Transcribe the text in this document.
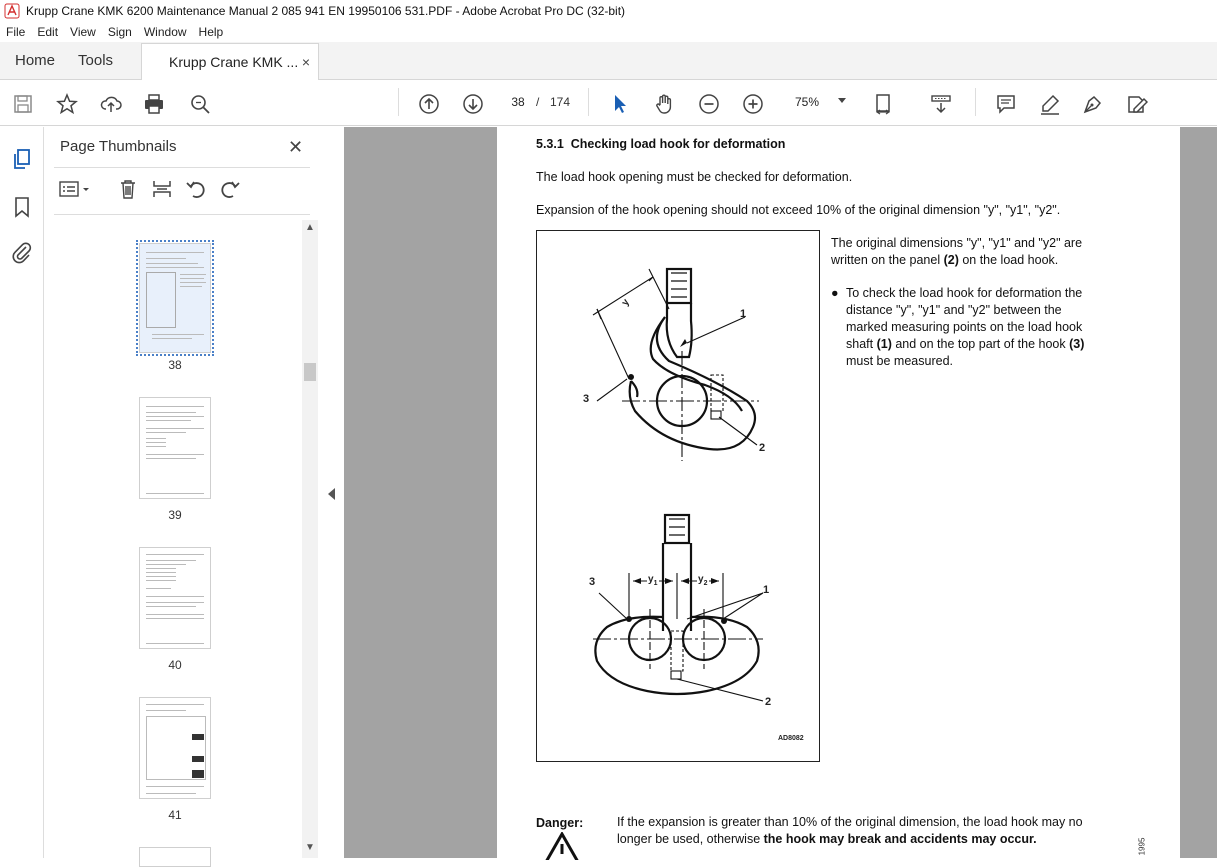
Krupp Crane KMK 6200 Maintenance Manual 2 085 941 EN 19950106 531.PDF - Adobe Acrobat Pro DC (32-bit)
File	Edit	View	Sign	Window	Help
Home	Tools	Krupp Crane KMK ... ×
38 / 174	75%
Page Thumbnails	✕
38
39
40
41
▲
▼
5.3.1 Checking load hook for deformation
The load hook opening must be checked for deformation.
Expansion of the hook opening should not exceed 10% of the original dimension "y", "y1", "y2".
The original dimensions "y", "y1" and "y2" are
written on the panel (2) on the load hook.
● To check the load hook for deformation the
distance "y", "y1" and "y2" between the
marked measuring points on the load hook
shaft (1) and on the top part of the hook (3)
must be measured.
1
2
3
y
1
2
3	$y_1$	$y_2$
AD8082
Danger:	If the expansion is greater than 10% of the original dimension, the load hook may no
longer be used, otherwise the hook may break and accidents may occur.	1995
